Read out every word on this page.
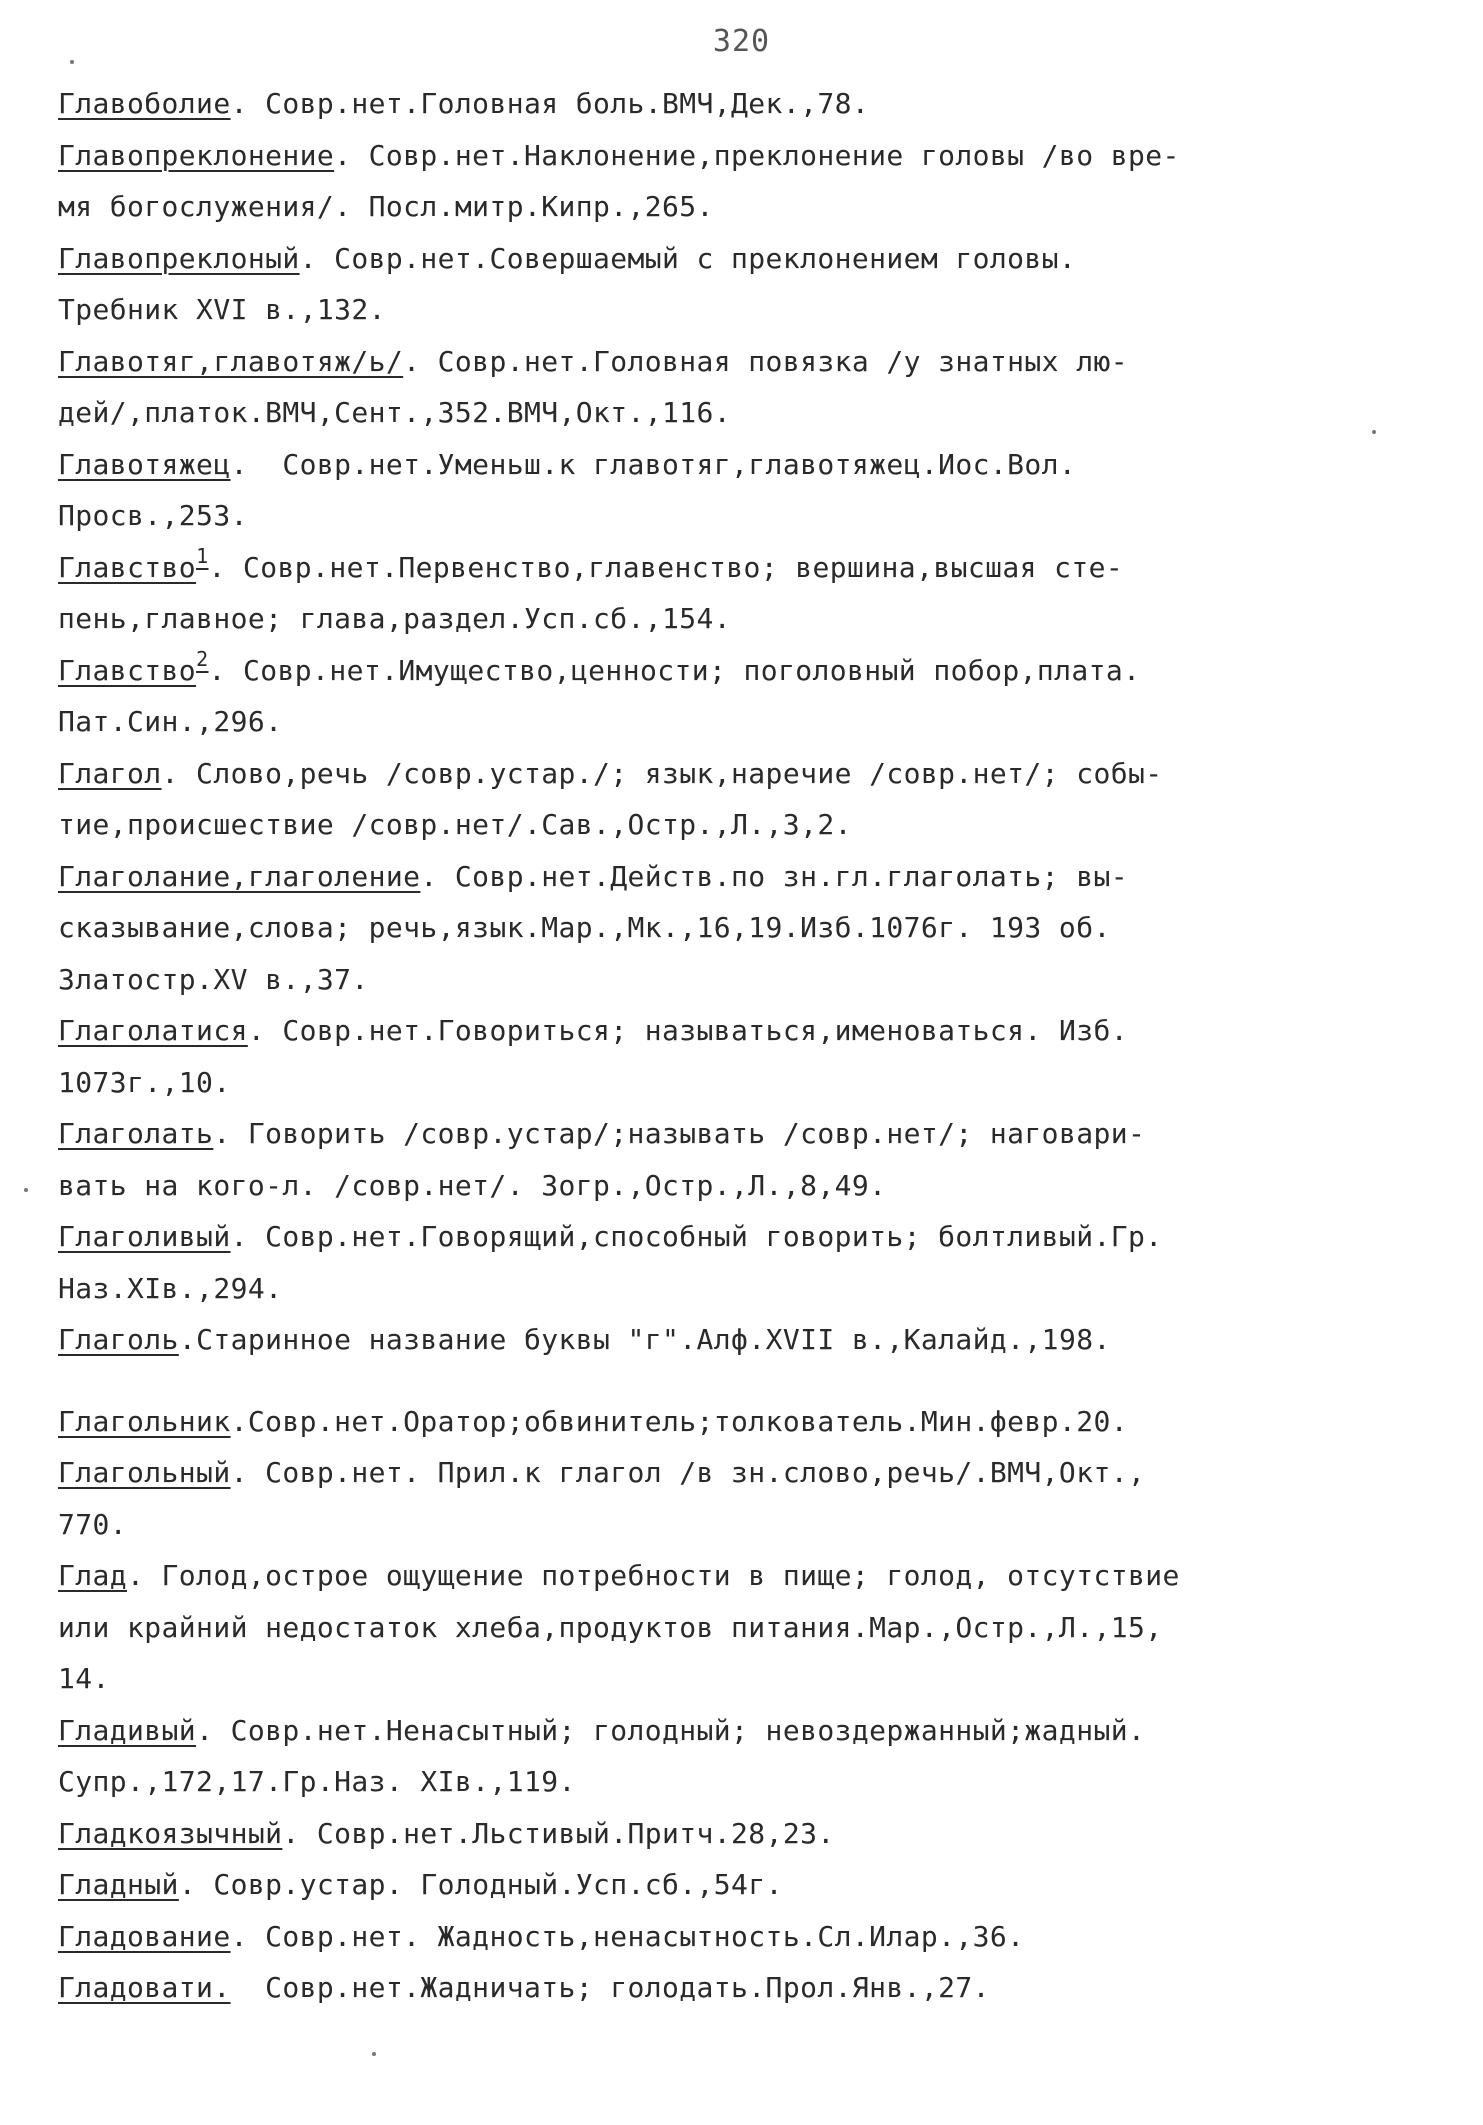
320
Главоболие. Совр.нет.Головная боль.ВМЧ,Дек.,78.
Главопреклонение. Совр.нет.Наклонение,преклонение головы /во вре-
мя богослужения/. Посл.митр.Кипр.,265.
Главопреклоный. Совр.нет.Совершаемый с преклонением головы.
Требник XVI в.,132.
Главотяг,главотяж/ь/. Совр.нет.Головная повязка /у знатных лю-
дей/,платок.ВМЧ,Сент.,352.ВМЧ,Окт.,116.
Главотяжец.  Совр.нет.Уменьш.к главотяг,главотяжец.Иос.Вол.
Просв.,253.
Главство$^1$. Совр.нет.Первенство,главенство; вершина,высшая сте-
пень,главное; глава,раздел.Усп.сб.,154.
Главство$^2$. Совр.нет.Имущество,ценности; поголовный побор,плата.
Пат.Син.,296.
Глагол. Слово,речь /совр.устар./; язык,наречие /совр.нет/; собы-
тие,происшествие /совр.нет/.Сав.,Остр.,Л.,3,2.
Глаголание,глаголение. Совр.нет.Действ.по зн.гл.глаголать; вы-
сказывание,слова; речь,язык.Мар.,Мк.,16,19.Изб.1076г. 193 об.
Златостр.XV в.,37.
Глаголатися. Совр.нет.Говориться; называться,именоваться. Изб.
1073г.,10.
Глаголать. Говорить /совр.устар/;называть /совр.нет/; наговари-
вать на кого-л. /совр.нет/. Зогр.,Остр.,Л.,8,49.
Глаголивый. Совр.нет.Говорящий,способный говорить; болтливый.Гр.
Наз.XIв.,294.
Глаголь.Старинное название буквы "г".Алф.XVII в.,Калайд.,198.
Глагольник.Совр.нет.Оратор;обвинитель;толкователь.Мин.февр.20.
Глагольный. Совр.нет. Прил.к глагол /в зн.слово,речь/.ВМЧ,Окт.,
770.
Глад. Голод,острое ощущение потребности в пище; голод, отсутствие
или крайний недостаток хлеба,продуктов питания.Мар.,Остр.,Л.,15,
14.
Гладивый. Совр.нет.Ненасытный; голодный; невоздержанный;жадный.
Супр.,172,17.Гр.Наз. XIв.,119.
Гладкоязычный. Совр.нет.Льстивый.Притч.28,23.
Гладный. Совр.устар. Голодный.Усп.сб.,54г.
Гладование. Совр.нет. Жадность,ненасытность.Сл.Илар.,36.
Гладовати.  Совр.нет.Жадничать; голодать.Прол.Янв.,27.
